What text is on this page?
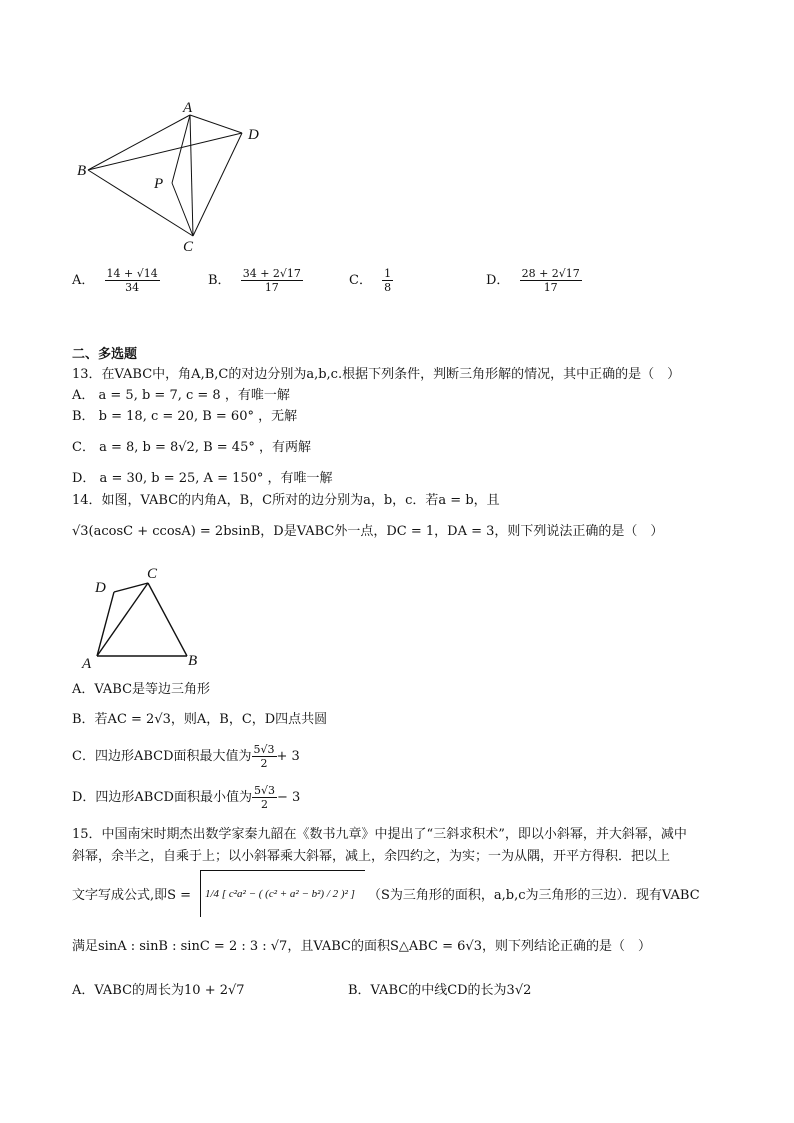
A
D
B
P
C
A． $\frac{14 + √14}{34}$	B． $\frac{34 + 2√17}{17}$	C． $\frac{1}{8}$	D． $\frac{28 + 2√17}{17}$
二、多选题
13．在VABC中，角A,B,C的对边分别为a,b,c.根据下列条件，判断三角形解的情况，其中正确的是（　）
A． a = 5, b = 7, c = 8 ，有唯一解
B． b = 18, c = 20, B = 60° ，无解
C． a = 8, b = 8√2, B = 45° ，有两解
D． a = 30, b = 25, A = 150° ，有唯一解
14．如图，VABC的内角A，B，C所对的边分别为a，b，c．若a = b，且
√3(acosC + ccosA) = 2bsinB，D是VABC外一点，DC = 1，DA = 3，则下列说法正确的是（　）
D
C
A	B
A．VABC是等边三角形
B．若AC = 2√3，则A，B，C，D四点共圆
C．四边形ABCD面积最大值为 $\frac{5√3}{2} + 3$
D．四边形ABCD面积最小值为 $\frac{5√3}{2} - 3$
15．中国南宋时期杰出数学家秦九韶在《数书九章》中提出了“三斜求积术”，即以小斜幂，并大斜幂，减中
斜幂，余半之，自乘于上；以小斜幂乘大斜幂，减上，余四约之，为实；一为从隅，开平方得积．把以上
文字写成公式,即S =	1/4 [ c²a² − ( (c² + a² − b²) / 2 )² ]	（S为三角形的面积，a,b,c为三角形的三边）．现有VABC
满足sinA : sinB : sinC = 2 : 3 : √7，且VABC的面积S△ABC = 6√3，则下列结论正确的是（　）
A．VABC的周长为10 + 2√7	B．VABC的中线CD的长为3√2
